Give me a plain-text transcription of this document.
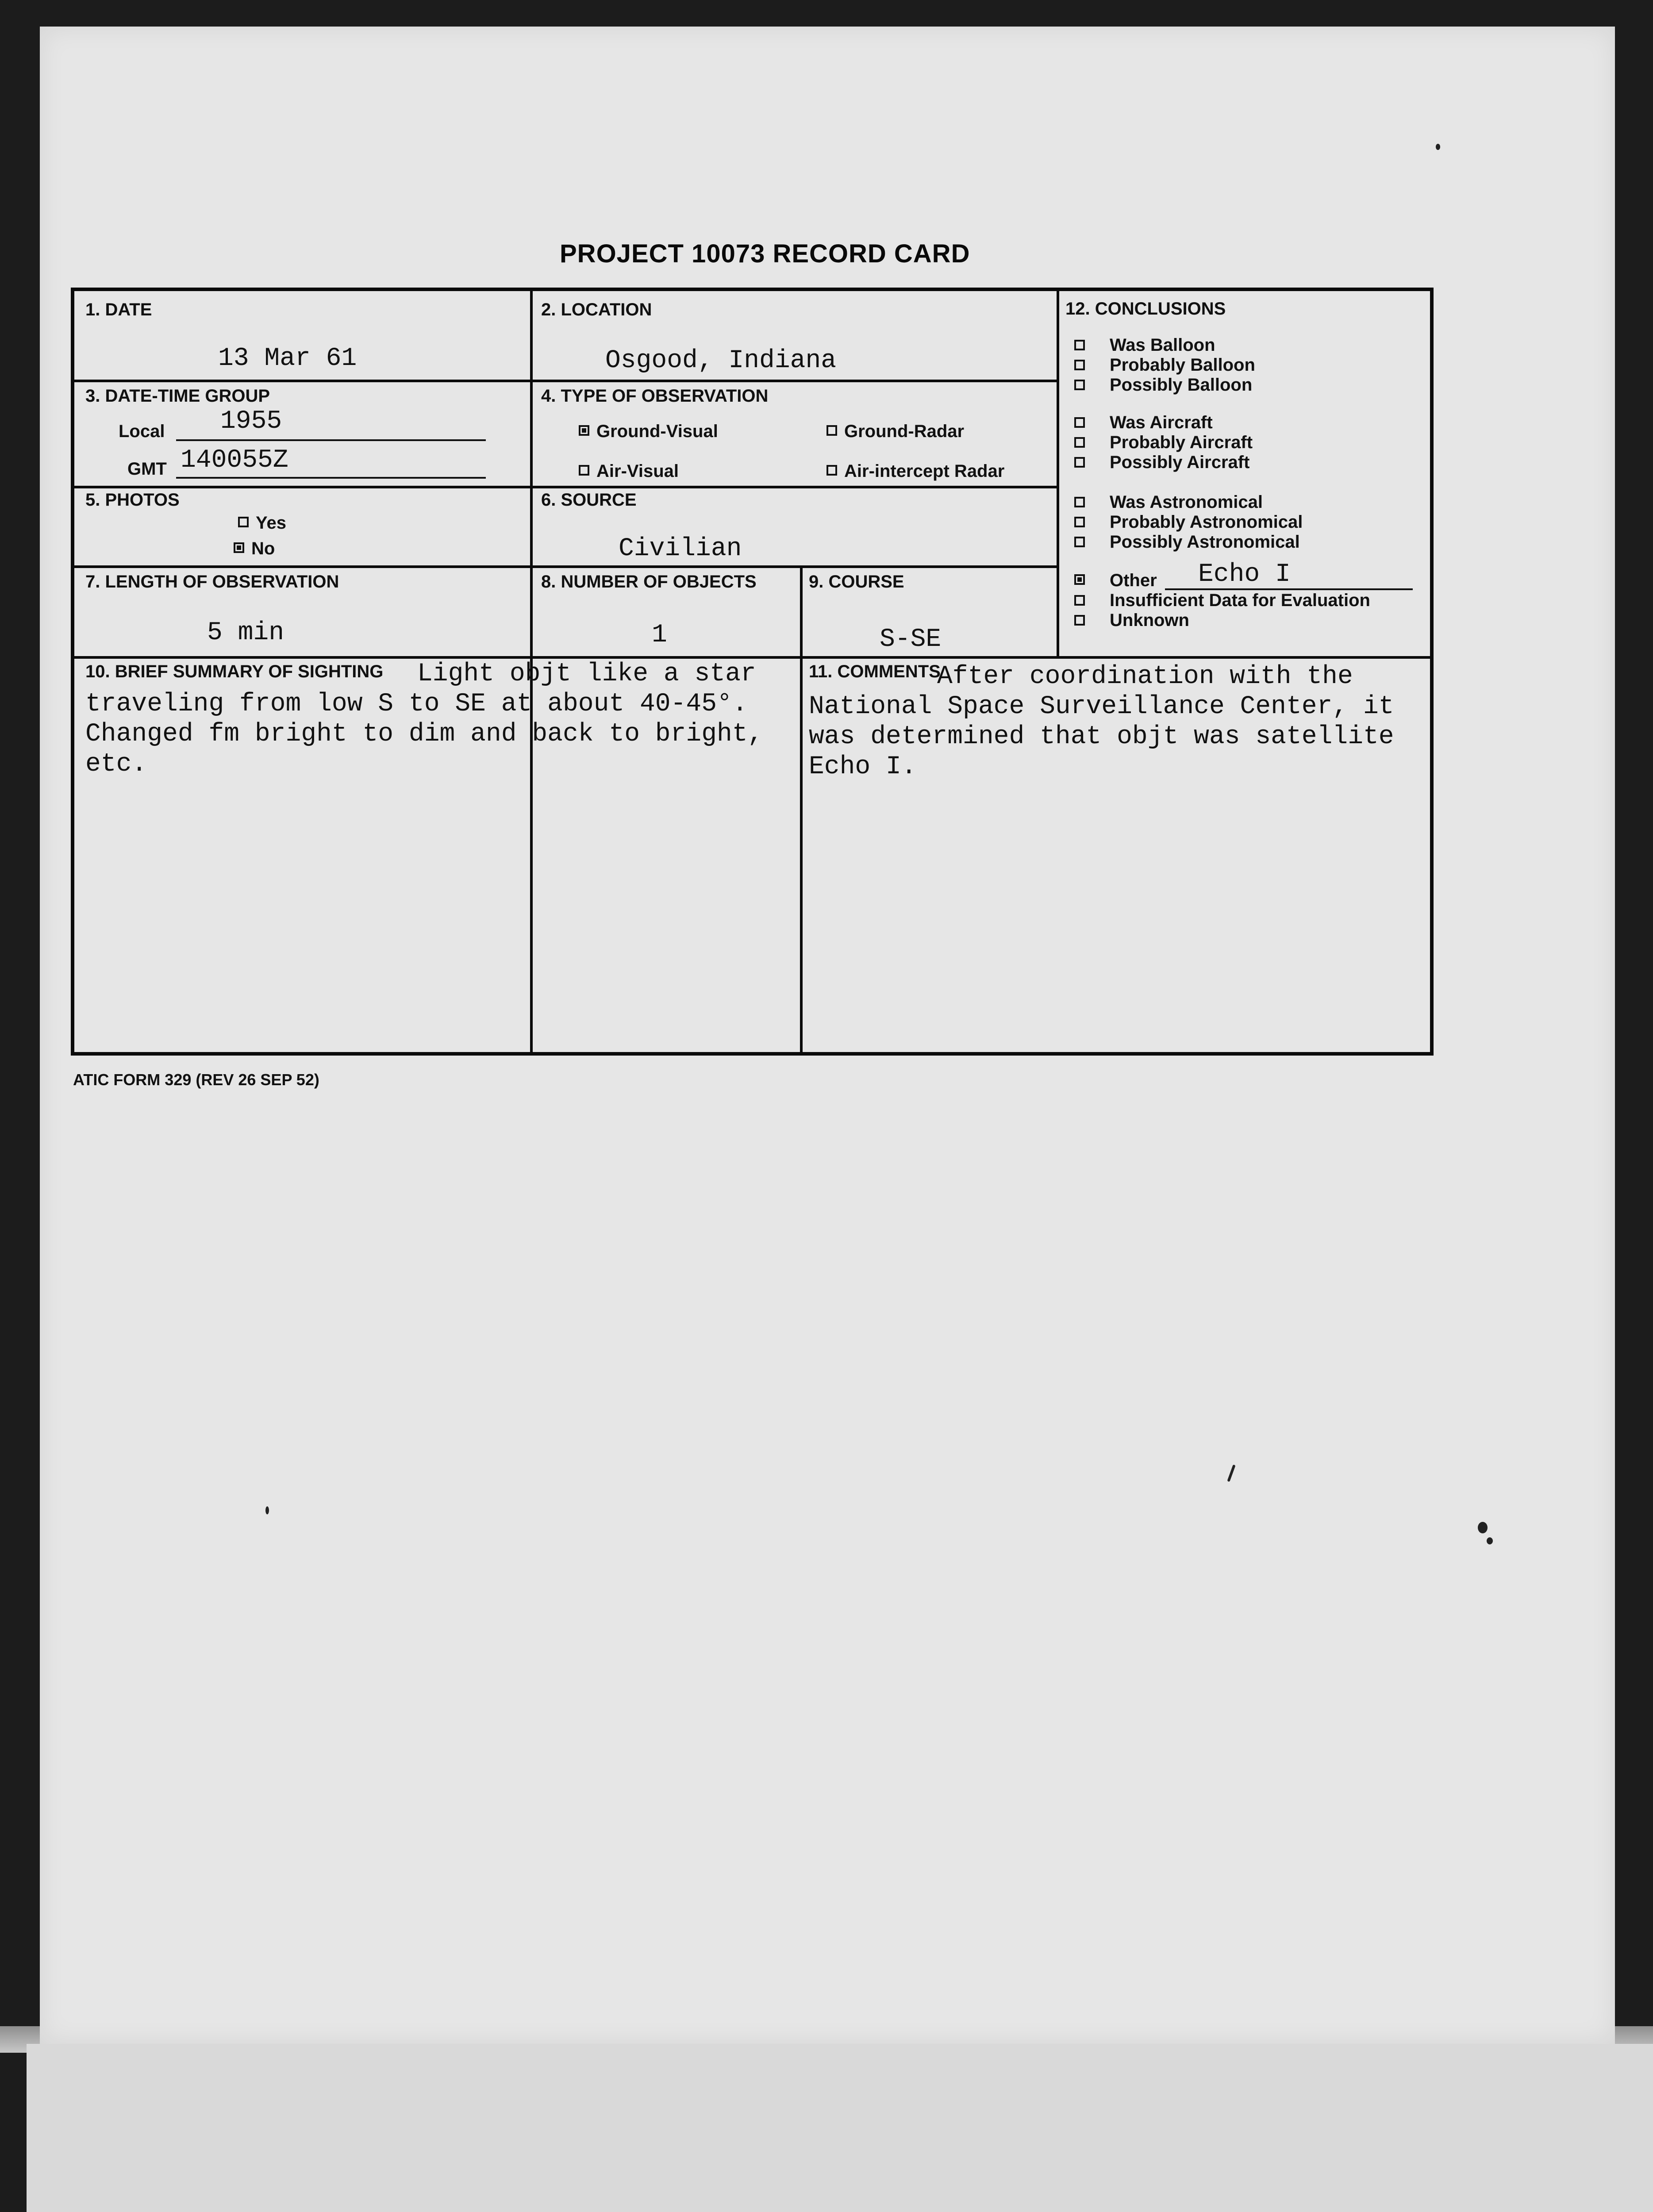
PROJECT 10073 RECORD CARD
1. DATE
13 Mar 61
2. LOCATION
Osgood, Indiana
3. DATE-TIME GROUP
Local 1955
GMT 140055Z
4. TYPE OF OBSERVATION
Ground-Visual	Ground-Radar
Air-Visual	Air-intercept Radar
5. PHOTOS
Yes
No
6. SOURCE
Civilian
7. LENGTH OF OBSERVATION
5 min
8. NUMBER OF OBJECTS
1
9. COURSE
S-SE
10. BRIEF SUMMARY OF SIGHTING	Light objt like a star traveling from low S to SE at about 40-45°. Changed fm bright to dim and back to bright, etc.
11. COMMENTS
After coordination with the National Space Surveillance Center, it was determined that objt was satellite Echo I.
12. CONCLUSIONS
Was Balloon
Probably Balloon
Possibly Balloon
Was Aircraft
Probably Aircraft
Possibly Aircraft
Was Astronomical
Probably Astronomical
Possibly Astronomical
Other Echo I
Insufficient Data for Evaluation
Unknown
ATIC FORM 329 (REV 26 SEP 52)
